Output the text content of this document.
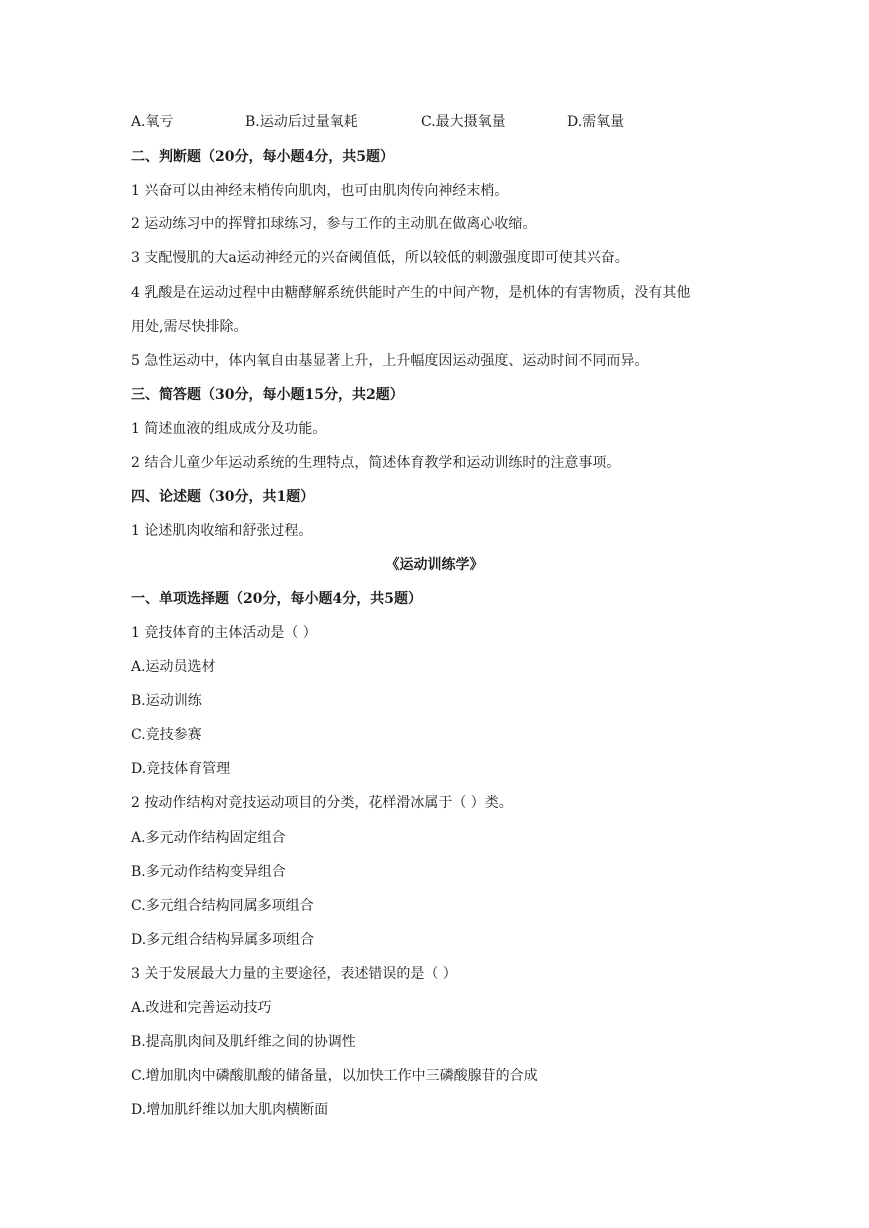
A.氧亏	B.运动后过量氧耗	C.最大摄氧量	D.需氧量
二、判断题（20分，每小题4分，共5题）
1 兴奋可以由神经末梢传向肌肉，也可由肌肉传向神经末梢。
2 运动练习中的挥臂扣球练习，参与工作的主动肌在做离心收缩。
3 支配慢肌的大a运动神经元的兴奋阈值低，所以较低的刺激强度即可使其兴奋。
4 乳酸是在运动过程中由糖酵解系统供能时产生的中间产物，是机体的有害物质，没有其他
用处,需尽快排除。
5 急性运动中，体内氧自由基显著上升，上升幅度因运动强度、运动时间不同而异。
三、简答题（30分，每小题15分，共2题）
1 简述血液的组成成分及功能。
2 结合儿童少年运动系统的生理特点，简述体育教学和运动训练时的注意事项。
四、论述题（30分，共1题）
1 论述肌肉收缩和舒张过程。
《运动训练学》
一、单项选择题（20分，每小题4分，共5题）
1 竞技体育的主体活动是（ ）
A.运动员选材
B.运动训练
C.竞技参赛
D.竞技体育管理
2 按动作结构对竞技运动项目的分类，花样滑冰属于（ ）类。
A.多元动作结构固定组合
B.多元动作结构变异组合
C.多元组合结构同属多项组合
D.多元组合结构异属多项组合
3 关于发展最大力量的主要途径，表述错误的是（ ）
A.改进和完善运动技巧
B.提高肌肉间及肌纤维之间的协调性
C.增加肌肉中磷酸肌酸的储备量，以加快工作中三磷酸腺苷的合成
D.增加肌纤维以加大肌肉横断面
